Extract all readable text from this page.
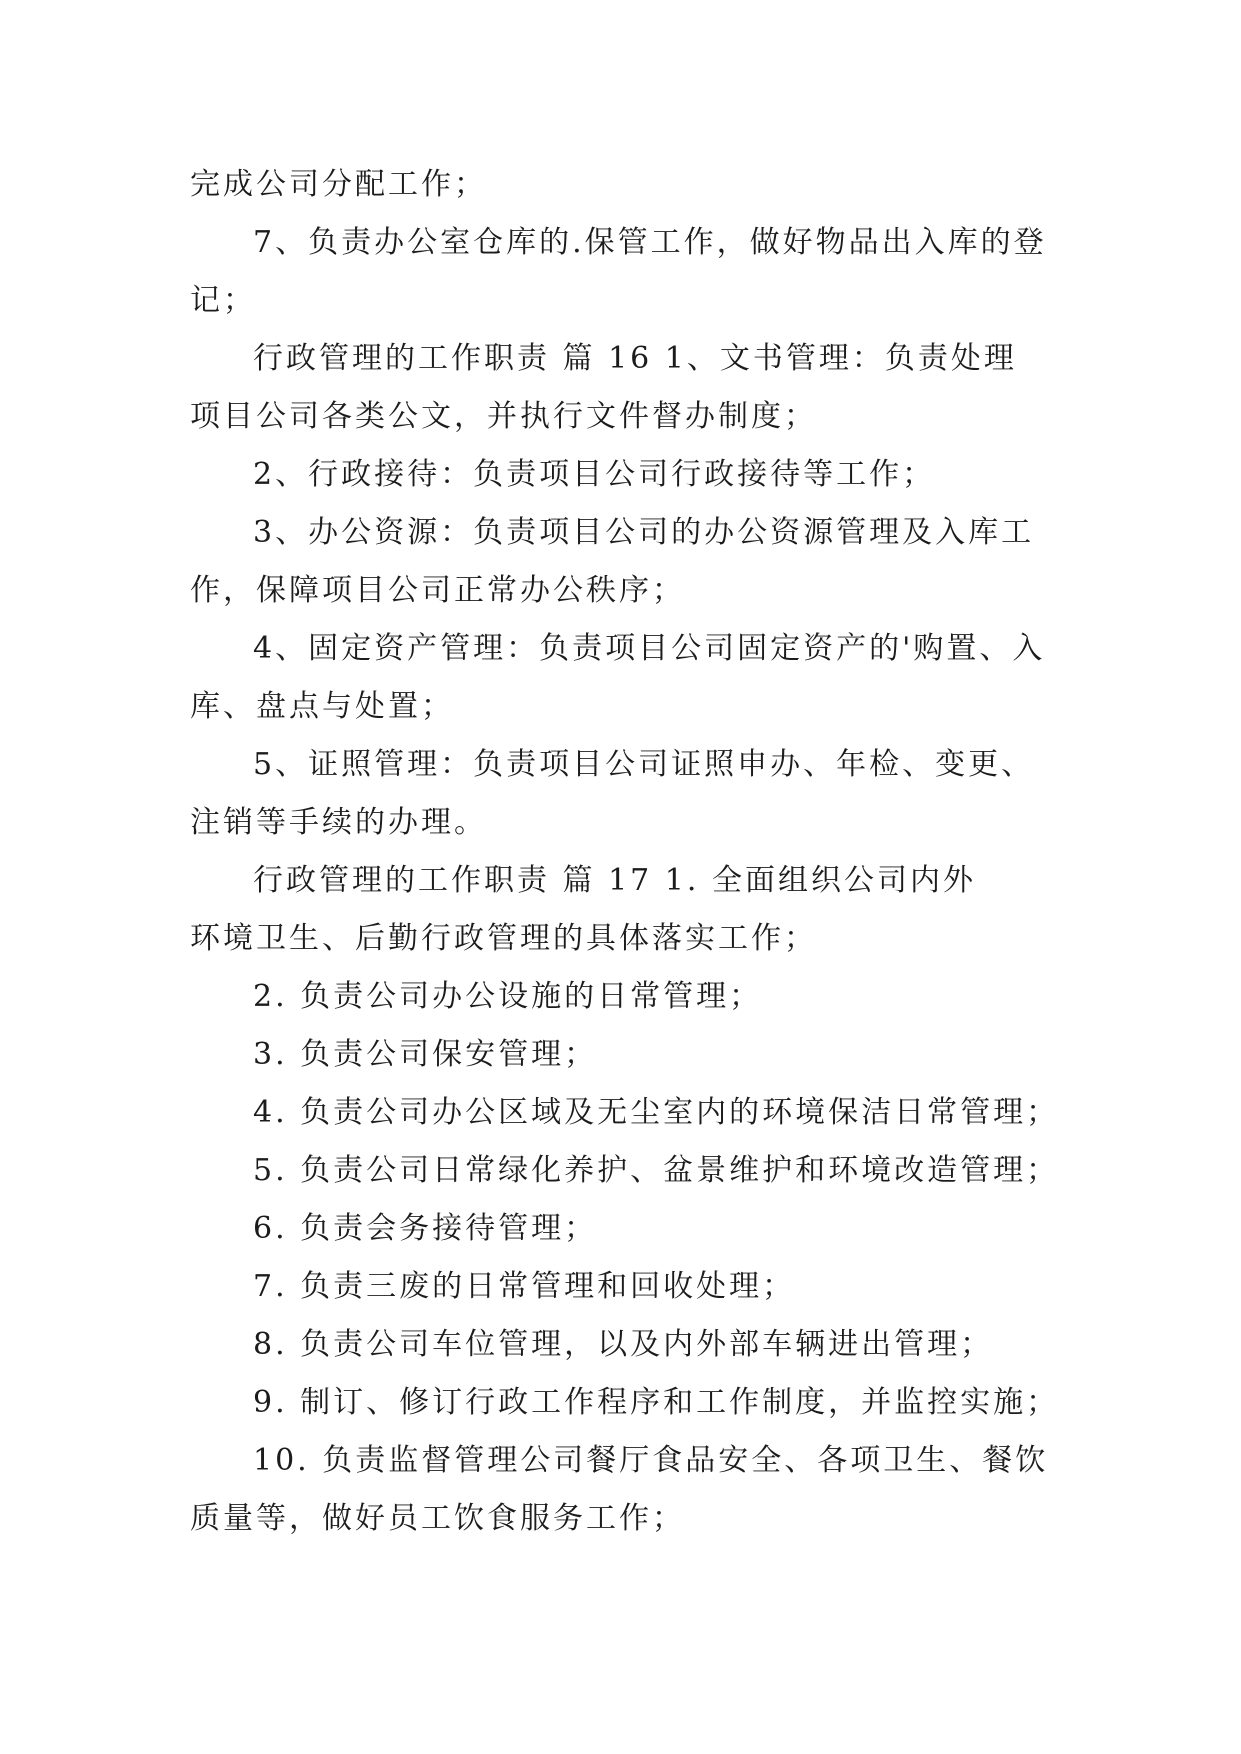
完成公司分配工作；
7、负责办公室仓库的.保管工作，做好物品出入库的登
记；
行政管理的工作职责 篇 16 1、文书管理：负责处理
项目公司各类公文，并执行文件督办制度；
2、行政接待：负责项目公司行政接待等工作；
3、办公资源：负责项目公司的办公资源管理及入库工
作，保障项目公司正常办公秩序；
4、固定资产管理：负责项目公司固定资产的'购置、入
库、盘点与处置；
5、证照管理：负责项目公司证照申办、年检、变更、
注销等手续的办理。
行政管理的工作职责 篇 17 1. 全面组织公司内外
环境卫生、后勤行政管理的具体落实工作；
2. 负责公司办公设施的日常管理；
3. 负责公司保安管理；
4. 负责公司办公区域及无尘室内的环境保洁日常管理；
5. 负责公司日常绿化养护、盆景维护和环境改造管理；
6. 负责会务接待管理；
7. 负责三废的日常管理和回收处理；
8. 负责公司车位管理，以及内外部车辆进出管理；
9. 制订、修订行政工作程序和工作制度，并监控实施；
10. 负责监督管理公司餐厅食品安全、各项卫生、餐饮
质量等，做好员工饮食服务工作；
